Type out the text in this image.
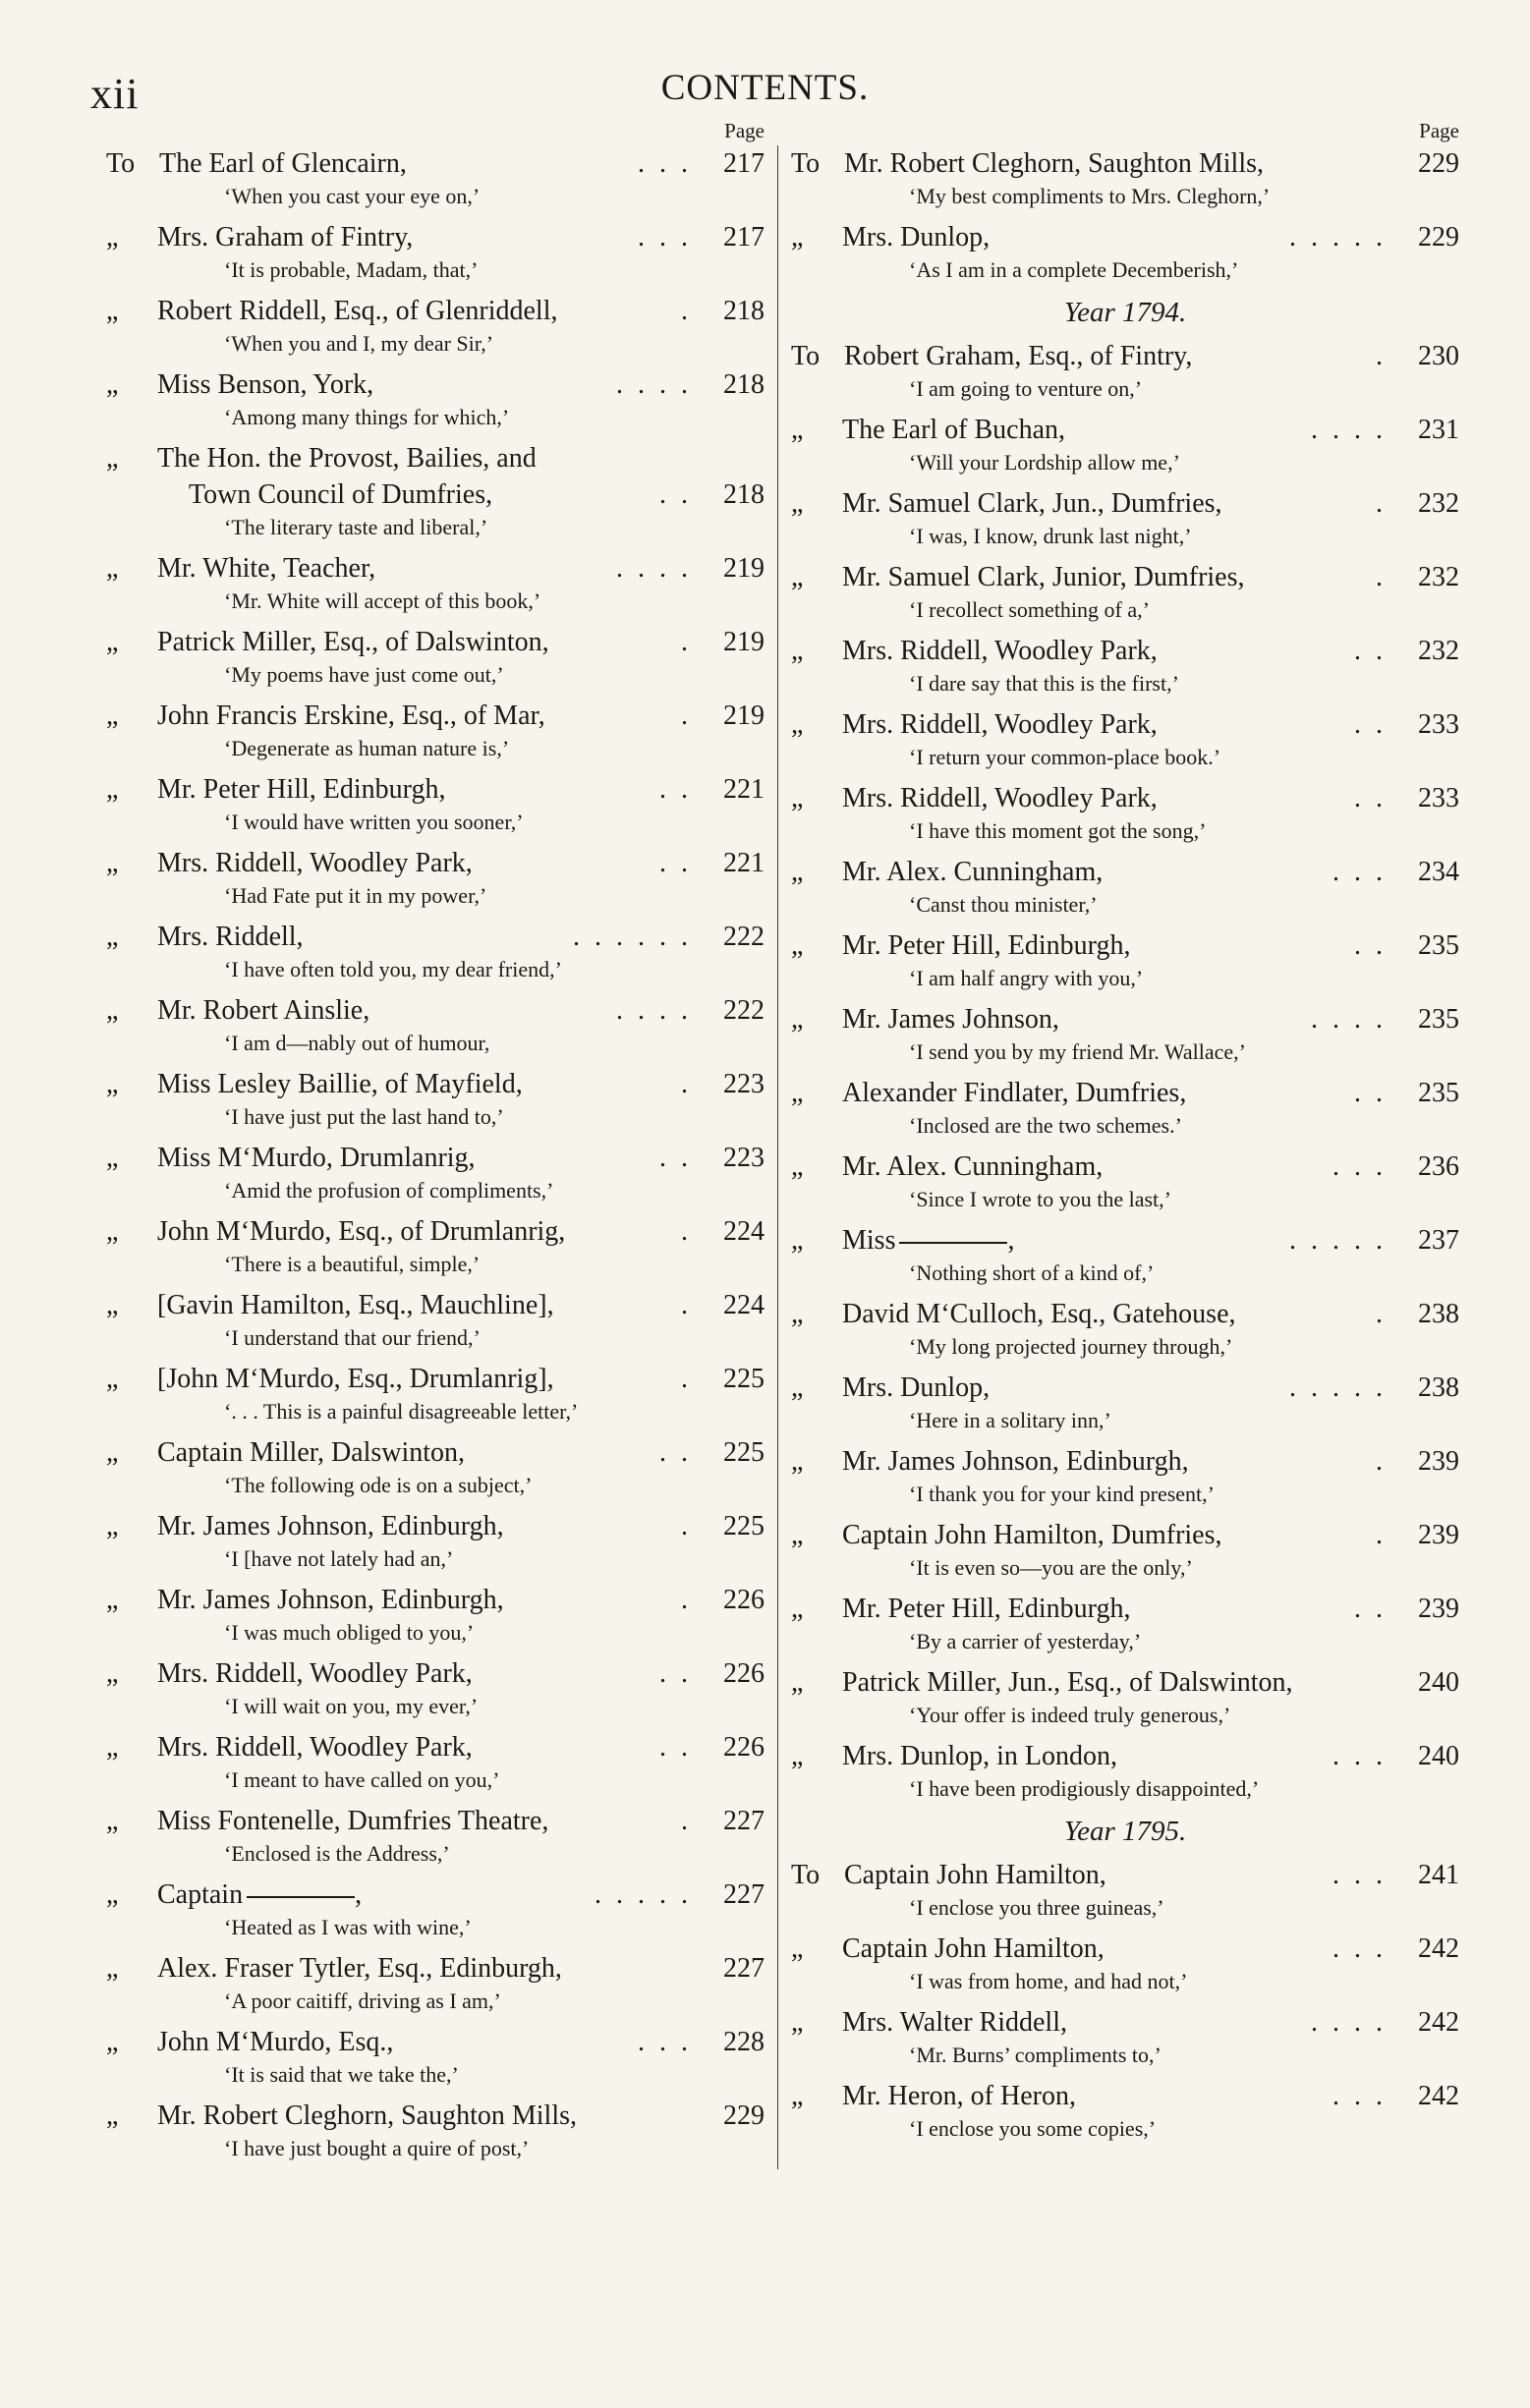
xii	CONTENTS.
Page
To The Earl of Glencairn,	. . .	217
‘When you cast your eye on,’
„	Mrs. Graham of Fintry,	. . .	217
‘It is probable, Madam, that,’
„	Robert Riddell, Esq., of Glenriddell,	.	218
‘When you and I, my dear Sir,’
„	Miss Benson, York,	. . . .	218
‘Among many things for which,’
„	The Hon. the Provost, Bailies, and
Town Council of Dumfries,	. .	218
‘The literary taste and liberal,’
„	Mr. White, Teacher,	. . . .	219
‘Mr. White will accept of this book,’
„	Patrick Miller, Esq., of Dalswinton,	.	219
‘My poems have just come out,’
„	John Francis Erskine, Esq., of Mar,	.	219
‘Degenerate as human nature is,’
„	Mr. Peter Hill, Edinburgh,	. .	221
‘I would have written you sooner,’
„	Mrs. Riddell, Woodley Park,	. .	221
‘Had Fate put it in my power,’
„	Mrs. Riddell,	. . . . . .	222
‘I have often told you, my dear friend,’
„	Mr. Robert Ainslie,	. . . .	222
‘I am d—nably out of humour,
„	Miss Lesley Baillie, of Mayfield,	.	223
‘I have just put the last hand to,’
„	Miss M‘Murdo, Drumlanrig,	. .	223
‘Amid the profusion of compliments,’
„	John M‘Murdo, Esq., of Drumlanrig,	.	224
‘There is a beautiful, simple,’
„	[Gavin Hamilton, Esq., Mauchline],	.	224
‘I understand that our friend,’
„	[John M‘Murdo, Esq., Drumlanrig],	.	225
‘. . . This is a painful disagreeable letter,’
„	Captain Miller, Dalswinton,	. .	225
‘The following ode is on a subject,’
„	Mr. James Johnson, Edinburgh,	.	225
‘I [have not lately had an,’
„	Mr. James Johnson, Edinburgh,	.	226
‘I was much obliged to you,’
„	Mrs. Riddell, Woodley Park,	. .	226
‘I will wait on you, my ever,’
„	Mrs. Riddell, Woodley Park,	. .	226
‘I meant to have called on you,’
„	Miss Fontenelle, Dumfries Theatre,	.	227
‘Enclosed is the Address,’
„	Captain	,	. . . . .	227
‘Heated as I was with wine,’
„	Alex. Fraser Tytler, Esq., Edinburgh,	227
‘A poor caitiff, driving as I am,’
„	John M‘Murdo, Esq.,	. . .	228
‘It is said that we take the,’
„	Mr. Robert Cleghorn, Saughton Mills,	229
‘I have just bought a quire of post,’
Page
To Mr. Robert Cleghorn, Saughton Mills,	229
‘My best compliments to Mrs. Cleghorn,’
„	Mrs. Dunlop,	. . . . .	229
‘As I am in a complete Decemberish,’
Year 1794.
To Robert Graham, Esq., of Fintry,	.	230
‘I am going to venture on,’
„	The Earl of Buchan,	. . . .	231
‘Will your Lordship allow me,’
„	Mr. Samuel Clark, Jun., Dumfries,	.	232
‘I was, I know, drunk last night,’
„	Mr. Samuel Clark, Junior, Dumfries,	.	232
‘I recollect something of a,’
„	Mrs. Riddell, Woodley Park,	. .	232
‘I dare say that this is the first,’
„	Mrs. Riddell, Woodley Park,	. .	233
‘I return your common-place book.’
„	Mrs. Riddell, Woodley Park,	. .	233
‘I have this moment got the song,’
„	Mr. Alex. Cunningham,	. . .	234
‘Canst thou minister,’
„	Mr. Peter Hill, Edinburgh,	. .	235
‘I am half angry with you,’
„	Mr. James Johnson,	. . . .	235
‘I send you by my friend Mr. Wallace,’
„	Alexander Findlater, Dumfries,	. .	235
‘Inclosed are the two schemes.’
„	Mr. Alex. Cunningham,	. . .	236
‘Since I wrote to you the last,’
„	Miss	,	. . . . .	237
‘Nothing short of a kind of,’
„	David M‘Culloch, Esq., Gatehouse,	.	238
‘My long projected journey through,’
„	Mrs. Dunlop,	. . . . .	238
‘Here in a solitary inn,’
„	Mr. James Johnson, Edinburgh,	.	239
‘I thank you for your kind present,’
„	Captain John Hamilton, Dumfries,	.	239
‘It is even so—you are the only,’
„	Mr. Peter Hill, Edinburgh,	. .	239
‘By a carrier of yesterday,’
„	Patrick Miller, Jun., Esq., of Dalswinton,	240
‘Your offer is indeed truly generous,’
„	Mrs. Dunlop, in London,	. . .	240
‘I have been prodigiously disappointed,’
Year 1795.
To Captain John Hamilton,	. . .	241
‘I enclose you three guineas,’
„	Captain John Hamilton,	. . .	242
‘I was from home, and had not,’
„	Mrs. Walter Riddell,	. . . .	242
‘Mr. Burns’ compliments to,’
„	Mr. Heron, of Heron,	. . .	242
‘I enclose you some copies,’
